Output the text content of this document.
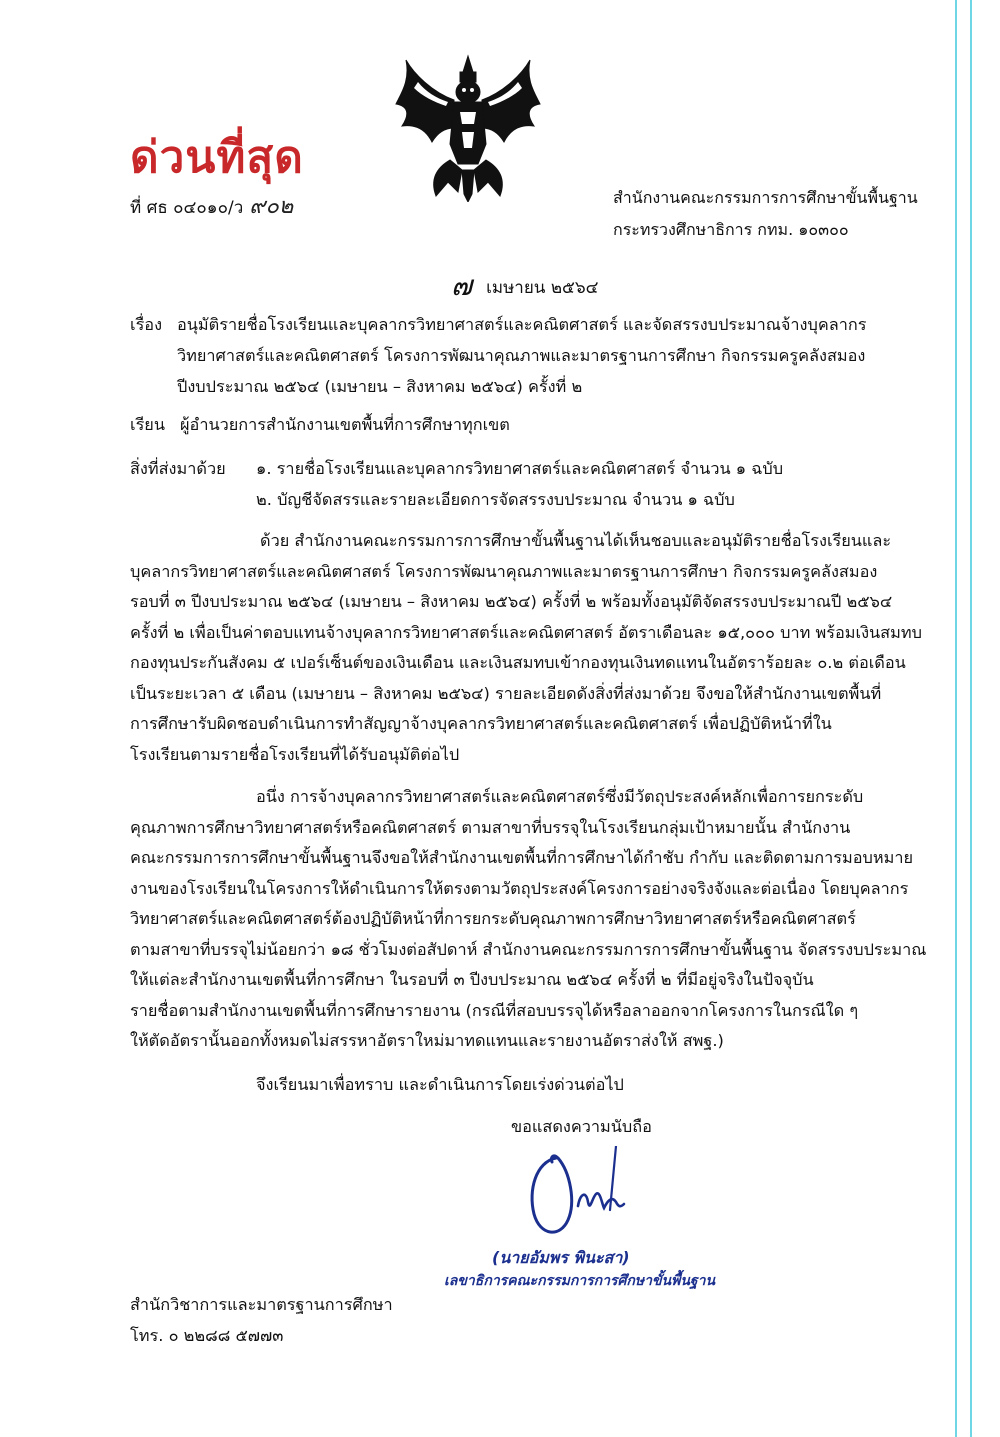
ด่วนที่สุด
ที่ ศธ ๐๔๐๑๐/ว ๙๐๒	สำนักงานคณะกรรมการการศึกษาขั้นพื้นฐาน
กระทรวงศึกษาธิการ กทม. ๑๐๓๐๐
๗ เมษายน ๒๕๖๔
เรื่อง อนุมัติรายชื่อโรงเรียนและบุคลากรวิทยาศาสตร์และคณิตศาสตร์ และจัดสรรงบประมาณจ้างบุคลากร
วิทยาศาสตร์และคณิตศาสตร์ โครงการพัฒนาคุณภาพและมาตรฐานการศึกษา กิจกรรมครูคลังสมอง
ปีงบประมาณ ๒๕๖๔ (เมษายน – สิงหาคม ๒๕๖๔) ครั้งที่ ๒
เรียน ผู้อำนวยการสำนักงานเขตพื้นที่การศึกษาทุกเขต
สิ่งที่ส่งมาด้วย ๑. รายชื่อโรงเรียนและบุคลากรวิทยาศาสตร์และคณิตศาสตร์ จำนวน ๑ ฉบับ
๒. บัญชีจัดสรรและรายละเอียดการจัดสรรงบประมาณ จำนวน ๑ ฉบับ
ด้วย สำนักงานคณะกรรมการการศึกษาขั้นพื้นฐานได้เห็นชอบและอนุมัติรายชื่อโรงเรียนและ
บุคลากรวิทยาศาสตร์และคณิตศาสตร์ โครงการพัฒนาคุณภาพและมาตรฐานการศึกษา กิจกรรมครูคลังสมอง
รอบที่ ๓ ปีงบประมาณ ๒๕๖๔ (เมษายน – สิงหาคม ๒๕๖๔) ครั้งที่ ๒ พร้อมทั้งอนุมัติจัดสรรงบประมาณปี ๒๕๖๔
ครั้งที่ ๒ เพื่อเป็นค่าตอบแทนจ้างบุคลากรวิทยาศาสตร์และคณิตศาสตร์ อัตราเดือนละ ๑๕,๐๐๐ บาท พร้อมเงินสมทบ
กองทุนประกันสังคม ๕ เปอร์เซ็นต์ของเงินเดือน และเงินสมทบเข้ากองทุนเงินทดแทนในอัตราร้อยละ ๐.๒ ต่อเดือน
เป็นระยะเวลา ๕ เดือน (เมษายน – สิงหาคม ๒๕๖๔) รายละเอียดดังสิ่งที่ส่งมาด้วย จึงขอให้สำนักงานเขตพื้นที่
การศึกษารับผิดชอบดำเนินการทำสัญญาจ้างบุคลากรวิทยาศาสตร์และคณิตศาสตร์ เพื่อปฏิบัติหน้าที่ใน
โรงเรียนตามรายชื่อโรงเรียนที่ได้รับอนุมัติต่อไป
อนึ่ง การจ้างบุคลากรวิทยาศาสตร์และคณิตศาสตร์ซึ่งมีวัตถุประสงค์หลักเพื่อการยกระดับ
คุณภาพการศึกษาวิทยาศาสตร์หรือคณิตศาสตร์ ตามสาขาที่บรรจุในโรงเรียนกลุ่มเป้าหมายนั้น สำนักงาน
คณะกรรมการการศึกษาขั้นพื้นฐานจึงขอให้สำนักงานเขตพื้นที่การศึกษาได้กำชับ กำกับ และติดตามการมอบหมาย
งานของโรงเรียนในโครงการให้ดำเนินการให้ตรงตามวัตถุประสงค์โครงการอย่างจริงจังและต่อเนื่อง โดยบุคลากร
วิทยาศาสตร์และคณิตศาสตร์ต้องปฏิบัติหน้าที่การยกระดับคุณภาพการศึกษาวิทยาศาสตร์หรือคณิตศาสตร์
ตามสาขาที่บรรจุไม่น้อยกว่า ๑๘ ชั่วโมงต่อสัปดาห์ สำนักงานคณะกรรมการการศึกษาขั้นพื้นฐาน จัดสรรงบประมาณ
ให้แต่ละสำนักงานเขตพื้นที่การศึกษา ในรอบที่ ๓ ปีงบประมาณ ๒๕๖๔ ครั้งที่ ๒ ที่มีอยู่จริงในปัจจุบัน
รายชื่อตามสำนักงานเขตพื้นที่การศึกษารายงาน (กรณีที่สอบบรรจุได้หรือลาออกจากโครงการในกรณีใด ๆ
ให้ตัดอัตรานั้นออกทั้งหมดไม่สรรหาอัตราใหม่มาทดแทนและรายงานอัตราส่งให้ สพฐ.)
จึงเรียนมาเพื่อทราบ และดำเนินการโดยเร่งด่วนต่อไป
ขอแสดงความนับถือ
(นายอัมพร พินะสา)
เลขาธิการคณะกรรมการการศึกษาขั้นพื้นฐาน
สำนักวิชาการและมาตรฐานการศึกษา
โทร. ๐ ๒๒๘๘ ๕๗๗๓
